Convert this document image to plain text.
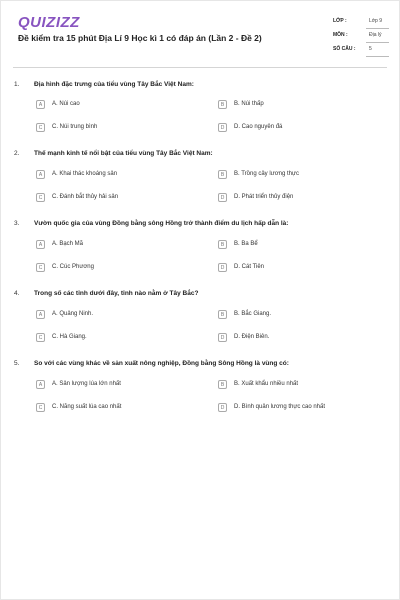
QUIZIZZ
Đề kiểm tra 15 phút Địa Lí 9 Học kì 1 có đáp án (Lần 2 - Đề 2)
LỚP :	Lớp 9
MÔN :	Địa lý
SỐ CÂU :	5
1. Địa hình đặc trưng của tiểu vùng Tây Bắc Việt Nam:
A	A. Núi cao	B	B. Núi thấp
C	C. Núi trung bình	D	D. Cao nguyên đá
2. Thế mạnh kinh tế nổi bật của tiểu vùng Tây Bắc Việt Nam:
A	A. Khai thác khoáng sản	B	B. Trồng cây lương thực
C	C. Đánh bắt thủy hải sản	D	D. Phát triển thủy điện
3. Vườn quốc gia của vùng Đồng bằng sông Hồng trở thành điểm du lịch hấp dẫn là:
A	A. Bạch Mã	B	B. Ba Bể
C	C. Cúc Phương	D	D. Cát Tiên
4. Trong số các tỉnh dưới đây, tỉnh nào nằm ở Tây Bắc?
A	A. Quảng Ninh.	B	B. Bắc Giang.
C	C. Hà Giang.	D	D. Điện Biên.
5. So với các vùng khác về sản xuất nông nghiệp, Đồng bằng Sông Hồng là vùng có:
A	A. Sản lượng lúa lớn nhất	B	B. Xuất khẩu nhiều nhất
C	C. Năng suất lúa cao nhất	D	D. Bình quân lương thực cao nhất
